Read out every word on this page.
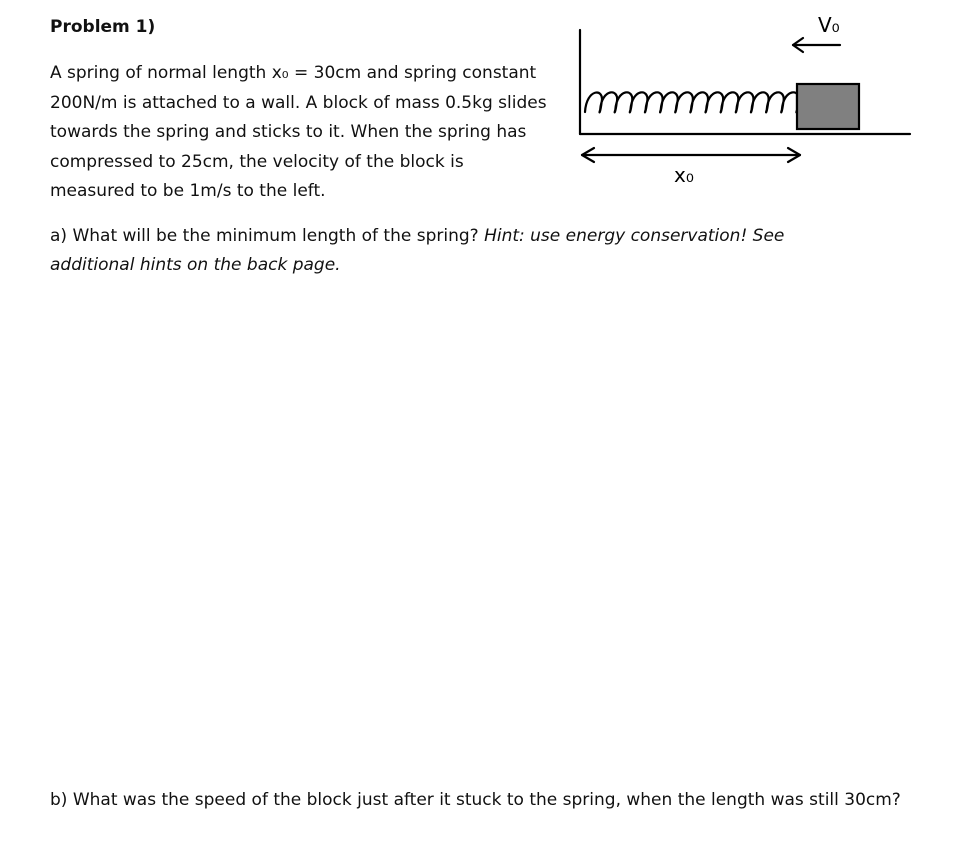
Problem 1)

A spring of normal length x₀ = 30cm and spring constant
200N/m is attached to a wall. A block of mass 0.5kg slides
towards the spring and sticks to it. When the spring has
compressed to 25cm, the velocity of the block is
measured to be 1m/s to the left.

V₀
x₀

a) What will be the minimum length of the spring? Hint: use energy conservation! See
additional hints on the back page.

b) What was the speed of the block just after it stuck to the spring, when the length was still 30cm?
